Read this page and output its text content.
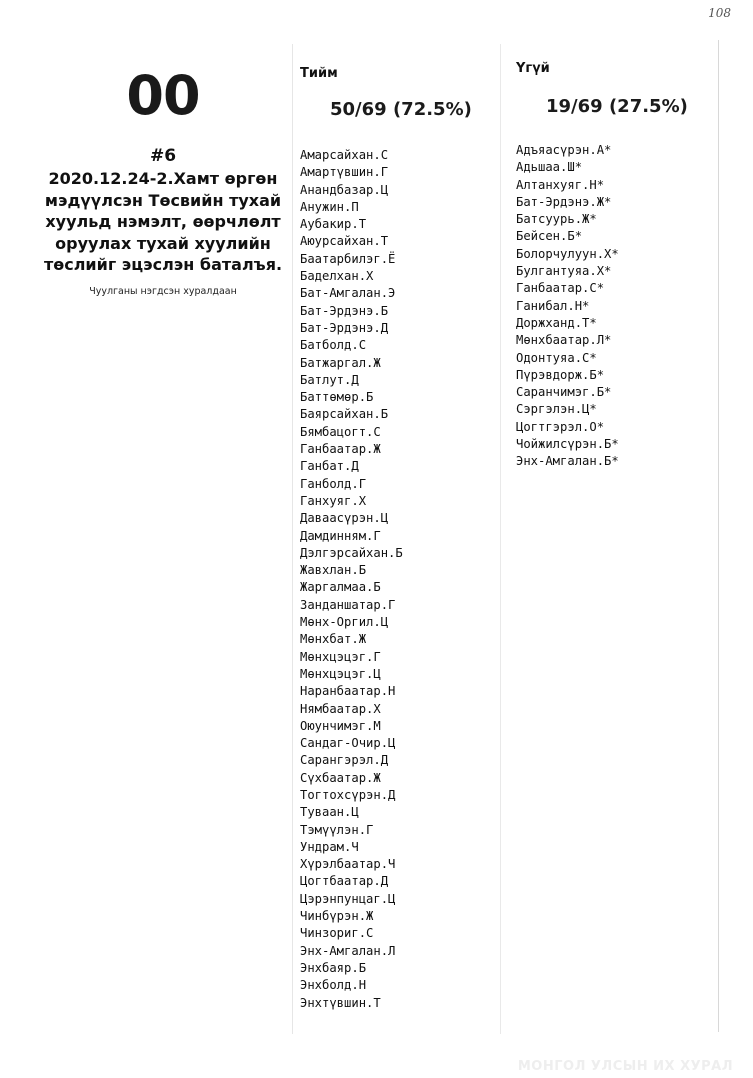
108
00
#6
2020.12.24-2.Хамт өргөн мэдүүлсэн Төсвийн тухай хуульд нэмэлт, өөрчлөлт оруулах тухай хуулийн төслийг эцэслэн баталъя.
Чуулганы нэгдсэн хуралдаан
Тийм
50/69 (72.5%)
Үгүй
19/69 (27.5%)
Амарсайхан.С
Амартүвшин.Г
Анандбазар.Ц
Анужин.П
Аубакир.Т
Аюурсайхан.Т
Баатарбилэг.Ё
Баделхан.Х
Бат-Амгалан.Э
Бат-Эрдэнэ.Б
Бат-Эрдэнэ.Д
Батболд.С
Батжаргал.Ж
Батлут.Д
Баттөмөр.Б
Баярсайхан.Б
Бямбацогт.С
Ганбаатар.Ж
Ганбат.Д
Ганболд.Г
Ганхуяг.Х
Даваасүрэн.Ц
Дамдинням.Г
Дэлгэрсайхан.Б
Жавхлан.Б
Жаргалмаа.Б
Занданшатар.Г
Мөнх-Оргил.Ц
Мөнхбат.Ж
Мөнхцэцэг.Г
Мөнхцэцэг.Ц
Наранбаатар.Н
Нямбаатар.Х
Оюунчимэг.М
Сандаг-Очир.Ц
Сарангэрэл.Д
Сүхбаатар.Ж
Тогтохсүрэн.Д
Туваан.Ц
Тэмүүлэн.Г
Ундрам.Ч
Хүрэлбаатар.Ч
Цогтбаатар.Д
Цэрэнпунцаг.Ц
Чинбүрэн.Ж
Чинзориг.С
Энх-Амгалан.Л
Энхбаяр.Б
Энхболд.Н
Энхтүвшин.Т
Адъяасүрэн.А*
Адьшаа.Ш*
Алтанхуяг.Н*
Бат-Эрдэнэ.Ж*
Батсуурь.Ж*
Бейсен.Б*
Болорчулуун.Х*
Булгантуяа.Х*
Ганбаатар.С*
Ганибал.Н*
Доржханд.Т*
Мөнхбаатар.Л*
Одонтуяа.С*
Пүрэвдорж.Б*
Саранчимэг.Б*
Сэргэлэн.Ц*
Цогтгэрэл.О*
Чойжилсүрэн.Б*
Энх-Амгалан.Б*
МОНГОЛ УЛСЫН ИХ ХУРАЛ
